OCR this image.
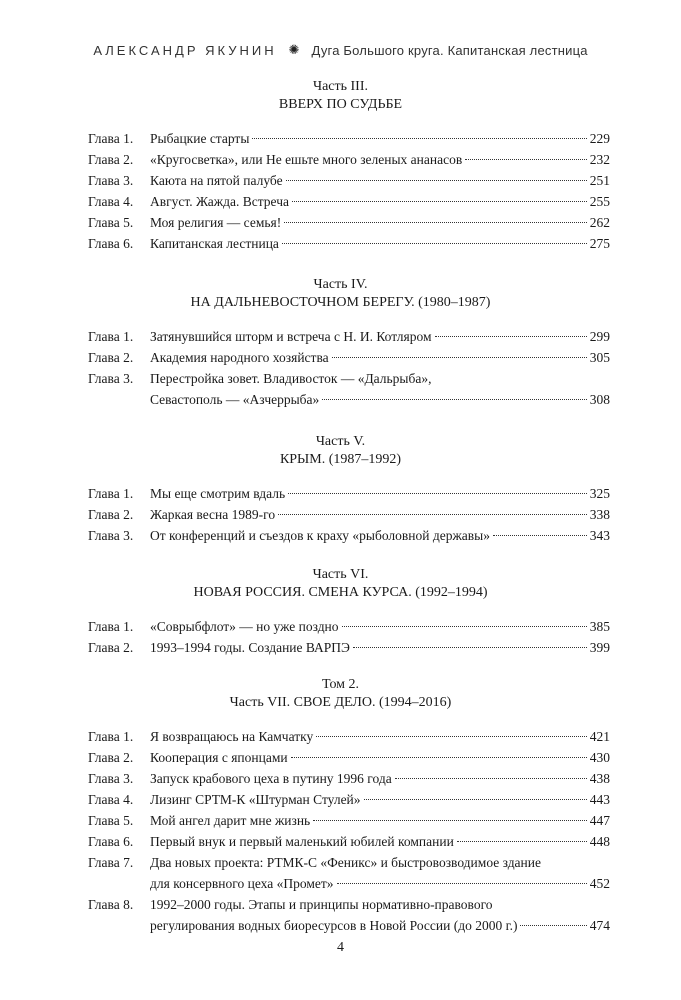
АЛЕКСАНДР ЯКУНИН ✺ Дуга Большого круга. Капитанская лестница
Часть III.
ВВЕРХ ПО СУДЬБЕ
Глава 1.	Рыбацкие старты	229
Глава 2.	«Кругосветка», или Не ешьте много зеленых ананасов	232
Глава 3.	Каюта на пятой палубе	251
Глава 4.	Август. Жажда. Встреча	255
Глава 5.	Моя религия — семья!	262
Глава 6.	Капитанская лестница	275
Часть IV.
НА ДАЛЬНЕВОСТОЧНОМ БЕРЕГУ. (1980–1987)
Глава 1.	Затянувшийся шторм и встреча с Н. И. Котляром	299
Глава 2.	Академия народного хозяйства	305
Глава 3.	Перестройка зовет. Владивосток — «Дальрыба»,
Севастополь — «Азчеррыба»	308
Часть V.
КРЫМ. (1987–1992)
Глава 1.	Мы еще смотрим вдаль	325
Глава 2.	Жаркая весна 1989-го	338
Глава 3.	От конференций и съездов к краху «рыболовной державы»	343
Часть VI.
НОВАЯ РОССИЯ. СМЕНА КУРСА. (1992–1994)
Глава 1.	«Соврыбфлот» — но уже поздно	385
Глава 2.	1993–1994 годы. Создание ВАРПЭ	399
Том 2.
Часть VII. СВОЕ ДЕЛО. (1994–2016)
Глава 1.	Я возвращаюсь на Камчатку	421
Глава 2.	Кооперация с японцами	430
Глава 3.	Запуск крабового цеха в путину 1996 года	438
Глава 4.	Лизинг СРТМ-К «Штурман Стулей»	443
Глава 5.	Мой ангел дарит мне жизнь	447
Глава 6.	Первый внук и первый маленький юбилей компании	448
Глава 7.	Два новых проекта: РТМК-С «Феникс» и быстровозводимое здание
для консервного цеха «Промет»	452
Глава 8.	1992–2000 годы. Этапы и принципы нормативно-правового
регулирования водных биоресурсов в Новой России (до 2000 г.)	474
4
